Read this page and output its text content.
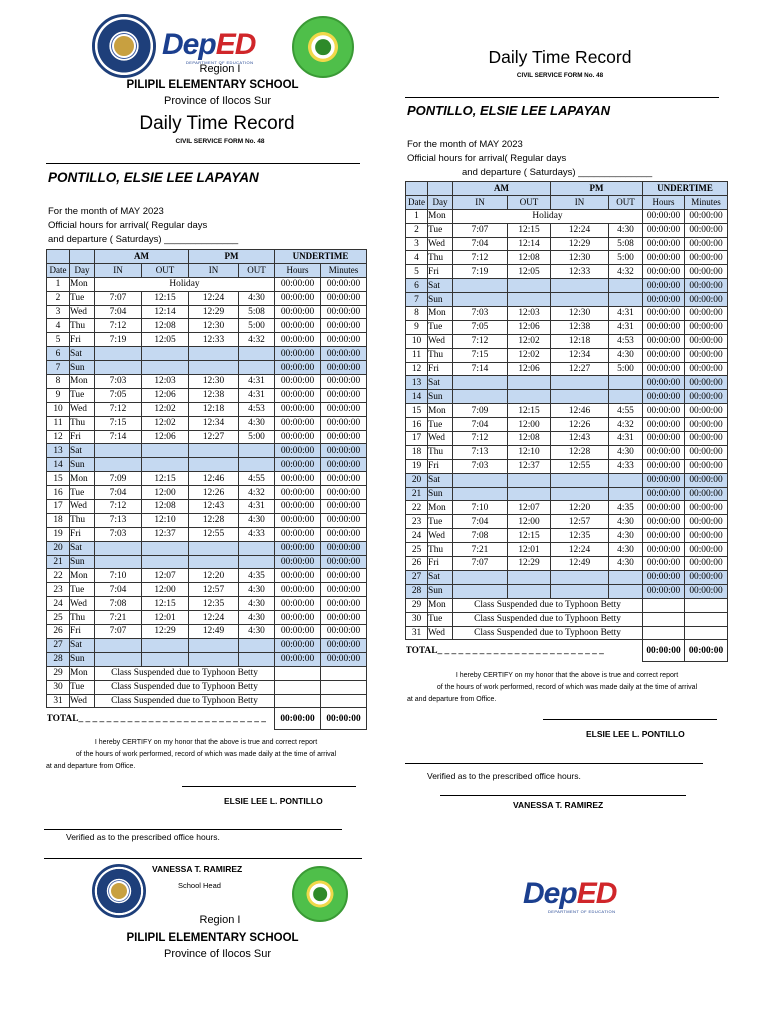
DepED
DEPARTMENT OF EDUCATION
Region I
PILIPIL ELEMENTARY SCHOOL
Province of Ilocos Sur
Daily Time Record
CIVIL SERVICE FORM No. 48
PONTILLO, ELSIE LEE LAPAYAN
For the month of MAY 2023
Official hours for arrival( Regular days
and departure ( Saturdays) ______________
		AM		PM		UNDERTIME	
Date	Day	IN	OUT	IN	OUT	Hours	Minutes
1	Mon	Holiday				00:00:00	00:00:00
2	Tue	7:07	12:15	12:24	4:30	00:00:00	00:00:00
3	Wed	7:04	12:14	12:29	5:08	00:00:00	00:00:00
4	Thu	7:12	12:08	12:30	5:00	00:00:00	00:00:00
5	Fri	7:19	12:05	12:33	4:32	00:00:00	00:00:00
6	Sat					00:00:00	00:00:00
7	Sun					00:00:00	00:00:00
8	Mon	7:03	12:03	12:30	4:31	00:00:00	00:00:00
9	Tue	7:05	12:06	12:38	4:31	00:00:00	00:00:00
10	Wed	7:12	12:02	12:18	4:53	00:00:00	00:00:00
11	Thu	7:15	12:02	12:34	4:30	00:00:00	00:00:00
12	Fri	7:14	12:06	12:27	5:00	00:00:00	00:00:00
13	Sat					00:00:00	00:00:00
14	Sun					00:00:00	00:00:00
15	Mon	7:09	12:15	12:46	4:55	00:00:00	00:00:00
16	Tue	7:04	12:00	12:26	4:32	00:00:00	00:00:00
17	Wed	7:12	12:08	12:43	4:31	00:00:00	00:00:00
18	Thu	7:13	12:10	12:28	4:30	00:00:00	00:00:00
19	Fri	7:03	12:37	12:55	4:33	00:00:00	00:00:00
20	Sat					00:00:00	00:00:00
21	Sun					00:00:00	00:00:00
22	Mon	7:10	12:07	12:20	4:35	00:00:00	00:00:00
23	Tue	7:04	12:00	12:57	4:30	00:00:00	00:00:00
24	Wed	7:08	12:15	12:35	4:30	00:00:00	00:00:00
25	Thu	7:21	12:01	12:24	4:30	00:00:00	00:00:00
26	Fri	7:07	12:29	12:49	4:30	00:00:00	00:00:00
27	Sat					00:00:00	00:00:00
28	Sun					00:00:00	00:00:00
29	Mon	Class Suspended due to Typhoon Betty					
30	Tue	Class Suspended due to Typhoon Betty					
31	Wed	Class Suspended due to Typhoon Betty					
TOTAL_ _ _ _ _ _ _ _ _ _ _ _ _ _ _ _ _ _ _ _ _ _ _ _ _ _ _						00:00:00	00:00:00
I hereby CERTIFY on my honor that the above is true and correct report
of the hours of work performed, record of which was made daily at the time of arrival
at and departure from Office.
ELSIE LEE L. PONTILLO
Verified as to the prescribed office hours.
VANESSA T. RAMIREZ
School Head
Region I
PILIPIL ELEMENTARY SCHOOL
Province of Ilocos Sur
Daily Time Record
CIVIL SERVICE FORM No. 48
PONTILLO, ELSIE LEE LAPAYAN
For the month of MAY 2023
Official hours for arrival( Regular days
and departure ( Saturdays) ______________
		AM		PM		UNDERTIME	
Date	Day	IN	OUT	IN	OUT	Hours	Minutes
1	Mon	Holiday				00:00:00	00:00:00
2	Tue	7:07	12:15	12:24	4:30	00:00:00	00:00:00
3	Wed	7:04	12:14	12:29	5:08	00:00:00	00:00:00
4	Thu	7:12	12:08	12:30	5:00	00:00:00	00:00:00
5	Fri	7:19	12:05	12:33	4:32	00:00:00	00:00:00
6	Sat					00:00:00	00:00:00
7	Sun					00:00:00	00:00:00
8	Mon	7:03	12:03	12:30	4:31	00:00:00	00:00:00
9	Tue	7:05	12:06	12:38	4:31	00:00:00	00:00:00
10	Wed	7:12	12:02	12:18	4:53	00:00:00	00:00:00
11	Thu	7:15	12:02	12:34	4:30	00:00:00	00:00:00
12	Fri	7:14	12:06	12:27	5:00	00:00:00	00:00:00
13	Sat					00:00:00	00:00:00
14	Sun					00:00:00	00:00:00
15	Mon	7:09	12:15	12:46	4:55	00:00:00	00:00:00
16	Tue	7:04	12:00	12:26	4:32	00:00:00	00:00:00
17	Wed	7:12	12:08	12:43	4:31	00:00:00	00:00:00
18	Thu	7:13	12:10	12:28	4:30	00:00:00	00:00:00
19	Fri	7:03	12:37	12:55	4:33	00:00:00	00:00:00
20	Sat					00:00:00	00:00:00
21	Sun					00:00:00	00:00:00
22	Mon	7:10	12:07	12:20	4:35	00:00:00	00:00:00
23	Tue	7:04	12:00	12:57	4:30	00:00:00	00:00:00
24	Wed	7:08	12:15	12:35	4:30	00:00:00	00:00:00
25	Thu	7:21	12:01	12:24	4:30	00:00:00	00:00:00
26	Fri	7:07	12:29	12:49	4:30	00:00:00	00:00:00
27	Sat					00:00:00	00:00:00
28	Sun					00:00:00	00:00:00
29	Mon	Class Suspended due to Typhoon Betty					
30	Tue	Class Suspended due to Typhoon Betty					
31	Wed	Class Suspended due to Typhoon Betty					
TOTAL_ _ _ _ _ _ _ _ _ _ _ _ _ _ _ _ _ _ _ _ _ _ _ _						00:00:00	00:00:00
I hereby CERTIFY on my honor that the above is true and correct report
of the hours of work performed, record of which was made daily at the time of arrival
at and departure from Office.
ELSIE LEE L. PONTILLO
Verified as to the prescribed office hours.
VANESSA T. RAMIREZ
DepED
DEPARTMENT OF EDUCATION
